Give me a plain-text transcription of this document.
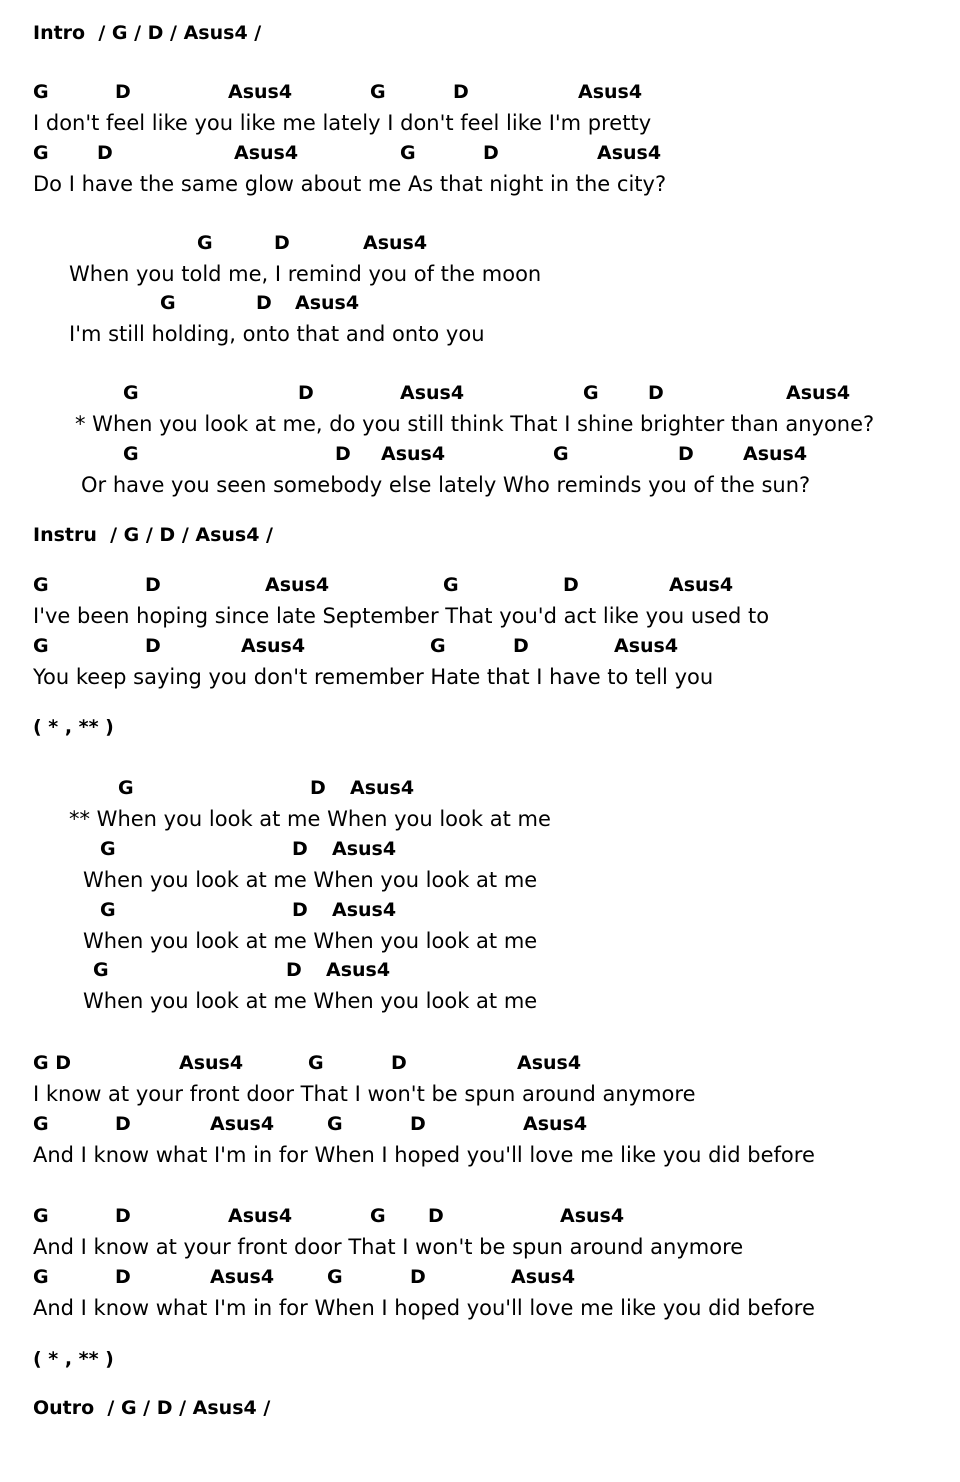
Intro  / G / D / Asus4 /
G	D	Asus4	G	D	Asus4
I don't feel like you like me lately I don't feel like I'm pretty
G	D	Asus4	G	D	Asus4
Do I have the same glow about me As that night in the city?
G	D	Asus4
When you told me, I remind you of the moon
G	D Asus4
I'm still holding, onto that and onto you
G	D	Asus4	G	D	Asus4
* When you look at me, do you still think That I shine brighter than anyone?
G	D Asus4	G	D	Asus4
Or have you seen somebody else lately Who reminds you of the sun?
Instru  / G / D / Asus4 /
G	D	Asus4	G	D	Asus4
I've been hoping since late September That you'd act like you used to
G	D	Asus4	G	D	Asus4
You keep saying you don't remember Hate that I have to tell you
( * , ** )
G	D Asus4
** When you look at me When you look at me
G	D Asus4
When you look at me When you look at me
G	D Asus4
When you look at me When you look at me
G	D Asus4
When you look at me When you look at me
G D	Asus4	G	D	Asus4
I know at your front door That I won't be spun around anymore
G	D	Asus4	G	D	Asus4
And I know what I'm in for When I hoped you'll love me like you did before
G	D	Asus4	G D	Asus4
And I know at your front door That I won't be spun around anymore
G	D	Asus4	G	D	Asus4
And I know what I'm in for When I hoped you'll love me like you did before
( * , ** )
Outro  / G / D / Asus4 /
